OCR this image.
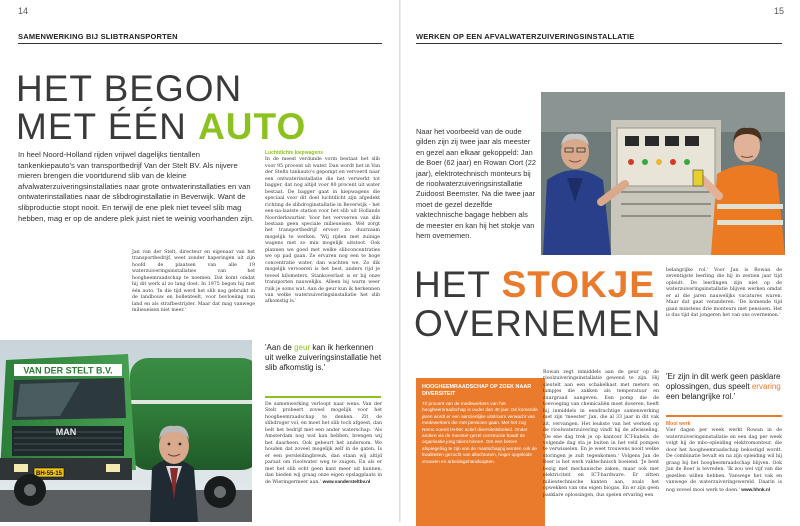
14
SAMENWERKING BIJ SLIBTRANSPORTEN
HET BEGON
MET ÉÉN AUTO
In heel Noord-Holland rijden vrijwel dagelijks tientallen tankenkiepauto's van transportbedrijf Van der Stelt BV. Als nijvere mieren brengen die voortdurend slib van de kleine afvalwaterzuiveringsinstallaties naar grote ontwaterinstallaties en van ontwaterinstallaties naar de slibdroginstallatie in Beverwijk. Want de slibproductie stopt nooit. En terwijl de ene plek niet teveel slib mag hebben, mag er op de andere plek juist niet te weinig voorhanden zijn.

Jan van der Stelt, directeur en eigenaar van het transportbedrijf, weet zonder haperingen uit zijn hoofd de plaatsen van alle 19 waterzuiveringsinstallaties van het hoogheemraadschap te noemen. Dat komt omdat hij dit werk al zo lang doet. In 1975 begon hij met één auto. 'In die tijd werd het slib nog gebruikt in de landbouw en bollenteelt, voor bevloeiing van land en als strafbestrijder. Maar dat mag vanwege milieueisen niet meer.'

Luchtdichte kiepwagens

In de meest verdunde vorm bestaat het slib voor 95 procent uit water. Dan wordt het in Van der Stelts tankauto's gepompt en vervoerd naar een ontwaterinstallatie die het verwerkt tot bagger, dat nog altijd voor 80 procent uit water bestaat. De bagger gaat in kiepwagens die speciaal voor dit doel luchtdicht zijn afgedekt richting de slibdroginstallatie in Beverwijk – het een-na-laatste station voor het slib uit Hollands Noorderkwartier. Voor het vervoeren van slib bestaan geen speciale milieueisen. Wel zorgt het transportbedrijf ervoor zo duurzaam mogelijk te werken. 'Wij rijden met zuinige wagens met zo min mogelijk uitstoot. Ook plannen we goed met welke slibconcentraties we op pad gaan. Ze ervaren nog een te hoge concentratie water, dan wachten we. Zo dik mogelijk vervoeren is het best, anders rijd je teveel kilometers. Stankoverlast is er bij onze transporten nauwelijks. Alleen bij warm weer ruik je soms wat. Aan de geur kun ik herkennen van welke waterzuiveringsinstallatie het slib afkomstig is.'

'Aan de geur kan ik herkennen uit welke zuiveringsinstallatie het slib afkomstig is.'

De samenwerking verloopt naar wens. Van der Stelt probeert zoveel mogelijk voor het hoogheemraadschap te denken. Zit de slibdroger vol, en moet het slib toch afgeest, dan belt het bedrijf met een ander waterschap. 'Als Amsterdam nog wat kan hebben, brengen wij het daarheen. Ook gebeurt het andersom. We houden dat zoveel mogelijk zelf in de gaten. Is er een persleidingbreuk, dan staan wij altijd paraat om rioolwater weg te zuigen. En als er met het slib echt geen kant meer uit kunnen, dan bieden wij graag onze eigen opslagplaats in de Wieringermeer aan.' www.vandersteltbv.nl

VAN DER STELT B.V.
MAN
BH-55-15
15
WERKEN OP EEN AFVALWATERZUIVERINGSINSTALLATIE
Naar het voorbeeld van de oude gilden zijn zij twee jaar als meester en gezel aan elkaar gekoppeld: Jan de Boer (62 jaar) en Rowan Oort (22 jaar), elektrotechnisch monteurs bij de rioolwaterzuiveringsinstallatie Zuidoost Beemster. Na die twee jaar moet de gezel dezelfde vaktechnische bagage hebben als de meester en kan hij het stokje van hem overnemen.
HET STOKJE
OVERNEMEN

HOOGHEEMRAADSCHAP OP ZOEK NAAR DIVERSITEIT

72 procent van de medewerkers van het hoogheemraadschap is ouder dan 40 jaar. De komende jaren wordt er een aanzienlijke uitstroom verwacht van medewerkers die met pensioen gaan. Met het zog Nemo noemt HHNK actief diversiteitsbeleid. Onder andere via de meester-gezel constructie baadt de organisatie jong talent binnen. Om een betere afspiegeling te zijn van de maatschappij worden ook de kwaliteiten gezocht van allochtonen, hoger opgeleide vrouwen en arbeidsgehandicapten.

Rowan zegt inmiddels aan de geur op de rioolzuiveringsinstallatie gewend te zijn. Hij sleutelt aan een schakelkast met meters en lampjes die zakken als temperatuur en zuurgraad aangeven. Een pomp die de toevoeging van chemicaliën moet doseren, heeft hij inmiddels in eendrachtige samenwerking met zijn 'meester' Jan, die al 33 jaar in dit vak zit, vervangen. Het leukste van het werken op de rioolwaterzuivering vindt hij de afwisseling. 'De ene dag trek je op kantoor ICT-kabels, de volgende dag sta je buiten in het veld pompen te verwisselen. En je weet trouwens nooit welke storingen je zult tegenkomen.' Volgens Jan de Boer is het werk vaktechnisch boeiend. 'Je bent bezig met mechanische zaken, maar ook met elektriciteit en ICT-hardware. Er zitten milieutechnische kanten aan, zoals het opwekken van ons eigen biogas. En er zijn geen pasklare oplossingen, dus spelen ervaring een

belangrijke rol.' Voor Jan is Rowan de zeventigste leerling die hij in zestien jaar tijd opleidt. De leerlingen zijn niet op de waterzuiveringsinstallatie blijven werken omdat er al die jaren nauwelijks vacatures waren. Maar dat gaat veranderen. 'De komende tijd gaan minstens drie monteurs met pensioen. Het is dus tijd dat jongeren het van ons overnemen.'

'Er zijn in dit werk geen pasklare oplossingen, dus speelt ervaring een belangrijke rol.'
Mooi werk

Vier dagen per week werkt Rowan in de waterzuiveringsinstallatie en een dag per week volgt hij de mbo-opleiding elektromonteur, die door het hoogheemraadschap bekostigd wordt. De combinatie bevalt en na zijn opleiding wil hij graag bij het hoogheemraadschap blijven. Ook Jan de Boer is tevreden. 'Ik zou wel vijf van die gezellen willen hebben. Vanwege het vak en vanwege de waterzuiveringswereld. Daarin is nog zoveel mooi werk te doen.' www.hhnk.nl
